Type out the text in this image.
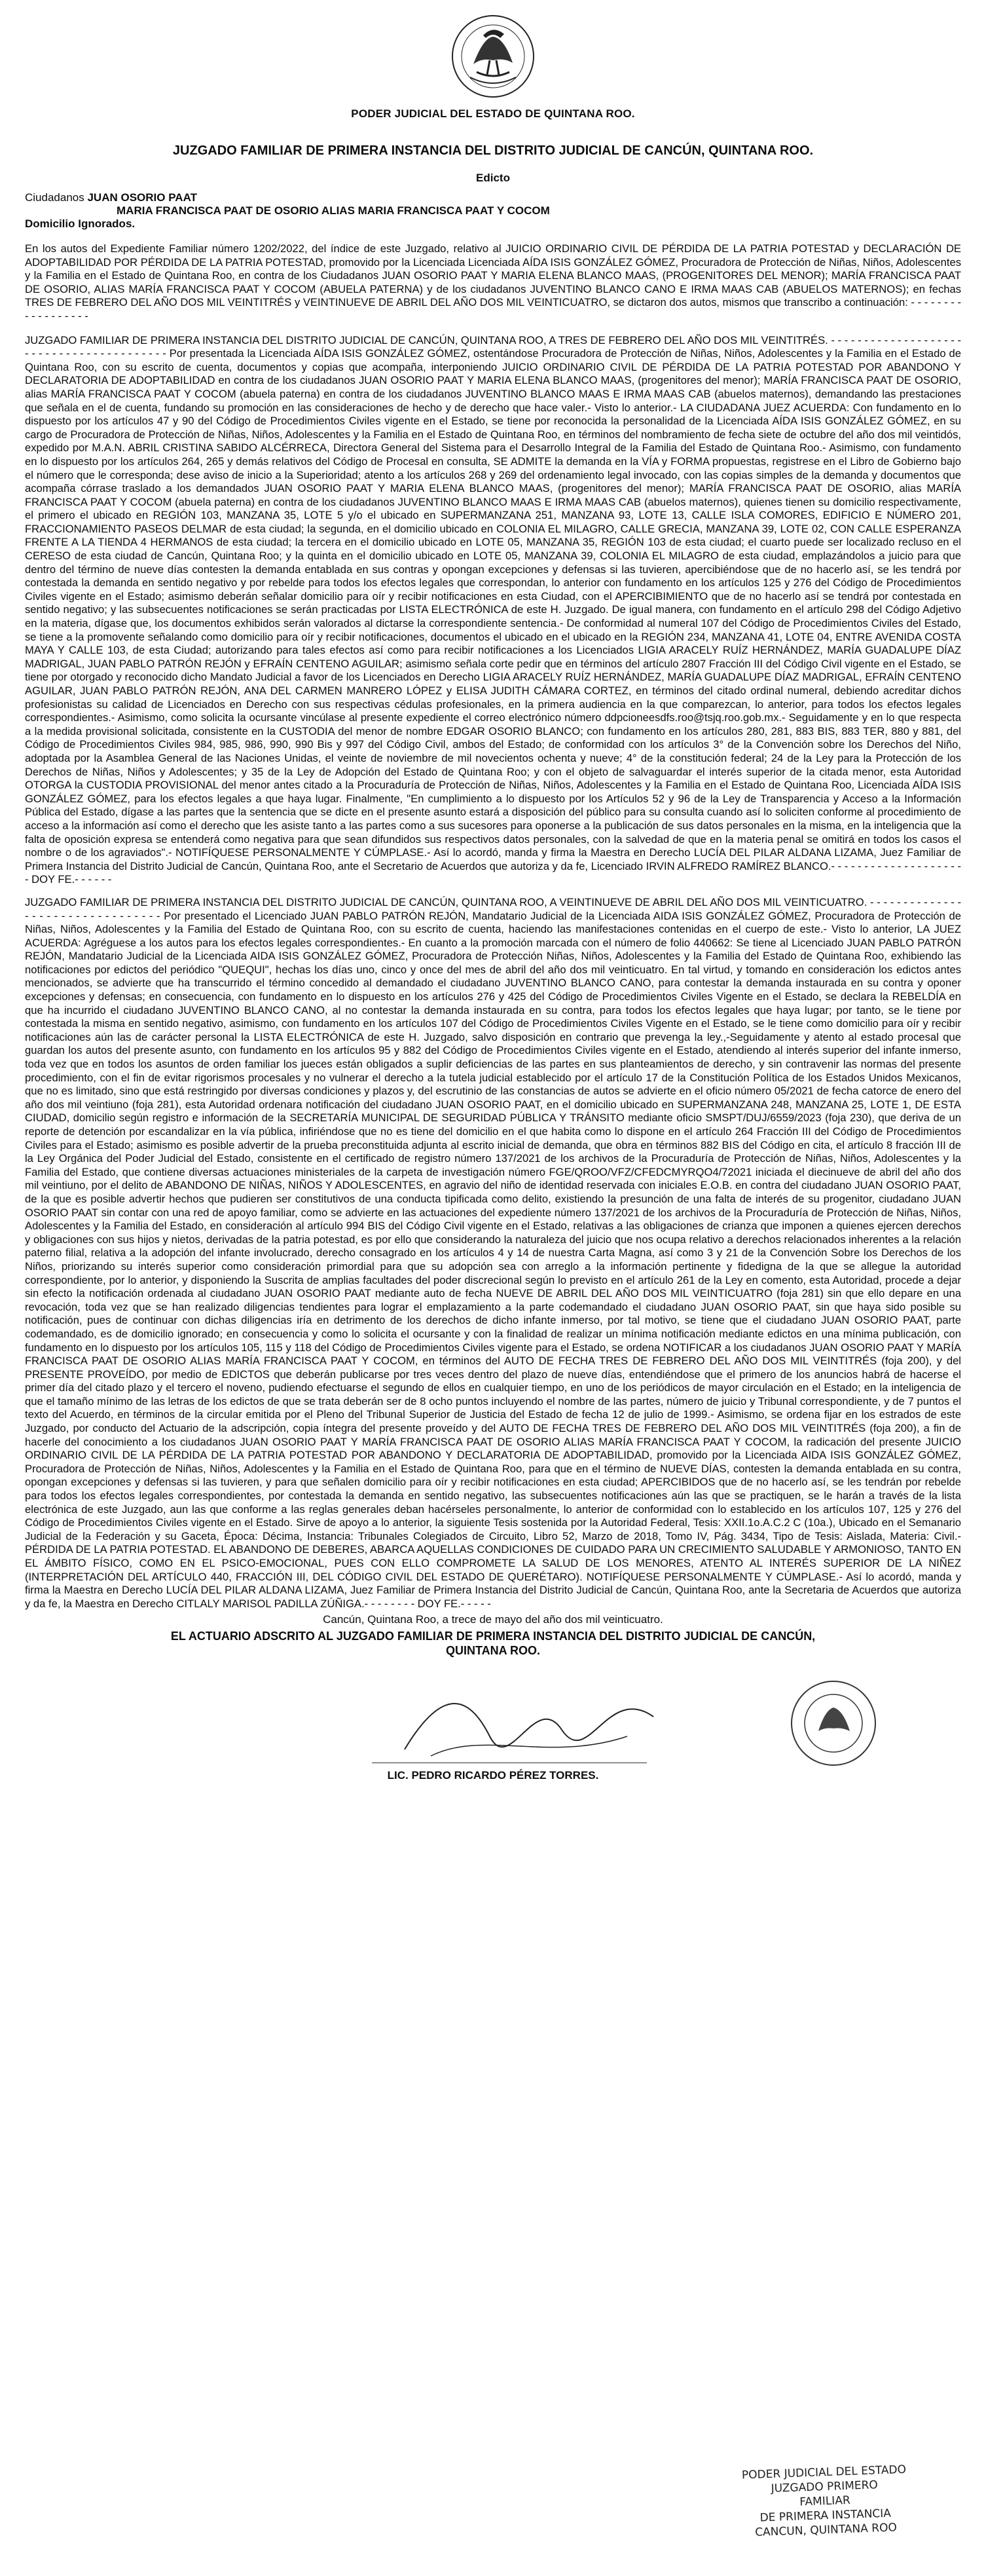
PODER JUDICIAL DEL ESTADO DE QUINTANA ROO.
JUZGADO FAMILIAR DE PRIMERA INSTANCIA DEL DISTRITO JUDICIAL DE CANCÚN, QUINTANA ROO.
Edicto
Ciudadanos JUAN OSORIO PAAT
MARIA FRANCISCA PAAT DE OSORIO ALIAS MARIA FRANCISCA PAAT Y COCOM
Domicilio Ignorados.

En los autos del Expediente Familiar número 1202/2022, del índice de este Juzgado, relativo al JUICIO ORDINARIO CIVIL DE PÉRDIDA DE LA PATRIA POTESTAD y DECLARACIÓN DE ADOPTABILIDAD POR PÉRDIDA DE LA PATRIA POTESTAD, promovido por la Licenciada Licenciada AÍDA ISIS GONZÁLEZ GÓMEZ, Procuradora de Protección de Niñas, Niños, Adolescentes y la Familia en el Estado de Quintana Roo, en contra de los Ciudadanos JUAN OSORIO PAAT Y MARIA ELENA BLANCO MAAS, (PROGENITORES DEL MENOR); MARÍA FRANCISCA PAAT DE OSORIO, ALIAS MARÍA FRANCISCA PAAT Y COCOM (ABUELA PATERNA) y de los ciudadanos JUVENTINO BLANCO CANO E IRMA MAAS CAB (ABUELOS MATERNOS); en fechas TRES DE FEBRERO DEL AÑO DOS MIL VEINTITRÉS y VEINTINUEVE DE ABRIL DEL AÑO DOS MIL VEINTICUATRO, se dictaron dos autos, mismos que transcribo a continuación: - - - - - - - - - - - - - - - - - -

JUZGADO FAMILIAR DE PRIMERA INSTANCIA DEL DISTRITO JUDICIAL DE CANCÚN, QUINTANA ROO, A TRES DE FEBRERO DEL AÑO DOS MIL VEINTITRÉS. - - - - - - - - - - - - - - - - - - - - - - - - - - - - - - - - - - - - - - - - - Por presentada la Licenciada AÍDA ISIS GONZÁLEZ GÓMEZ, ostentándose Procuradora de Protección de Niñas, Niños, Adolescentes y la Familia en el Estado de Quintana Roo, con su escrito de cuenta, documentos y copias que acompaña, interponiendo JUICIO ORDINARIO CIVIL DE PÉRDIDA DE LA PATRIA POTESTAD POR ABANDONO Y DECLARATORIA DE ADOPTABILIDAD en contra de los ciudadanos JUAN OSORIO PAAT Y MARIA ELENA BLANCO MAAS, (progenitores del menor); MARÍA FRANCISCA PAAT DE OSORIO, alias MARÍA FRANCISCA PAAT Y COCOM (abuela paterna) en contra de los ciudadanos JUVENTINO BLANCO MAAS E IRMA MAAS CAB (abuelos maternos), demandando las prestaciones que señala en el de cuenta, fundando su promoción en las consideraciones de hecho y de derecho que hace valer.- Visto lo anterior.- LA CIUDADANA JUEZ ACUERDA: Con fundamento en lo dispuesto por los artículos 47 y 90 del Código de Procedimientos Civiles vigente en el Estado, se tiene por reconocida la personalidad de la Licenciada AÍDA ISIS GONZÁLEZ GÓMEZ, en su cargo de Procuradora de Protección de Niñas, Niños, Adolescentes y la Familia en el Estado de Quintana Roo, en términos del nombramiento de fecha siete de octubre del año dos mil veintidós, expedido por M.A.N. ABRIL CRISTINA SABIDO ALCÉRRECA, Directora General del Sistema para el Desarrollo Integral de la Familia del Estado de Quintana Roo.- Asimismo, con fundamento en lo dispuesto por los artículos 264, 265 y demás relativos del Código de Procesal en consulta, SE ADMITE la demanda en la VÍA y FORMA propuestas, registrese en el Libro de Gobierno bajo el número que le corresponda; dese aviso de inicio a la Superioridad; atento a los artículos 268 y 269 del ordenamiento legal invocado, con las copias simples de la demanda y documentos que acompaña córrase traslado a los demandados JUAN OSORIO PAAT Y MARIA ELENA BLANCO MAAS, (progenitores del menor); MARÍA FRANCISCA PAAT DE OSORIO, alias MARÍA FRANCISCA PAAT Y COCOM (abuela paterna) en contra de los ciudadanos JUVENTINO BLANCO MAAS E IRMA MAAS CAB (abuelos maternos), quienes tienen su domicilio respectivamente, el primero el ubicado en REGIÓN 103, MANZANA 35, LOTE 5 y/o el ubicado en SUPERMANZANA 251, MANZANA 93, LOTE 13, CALLE ISLA COMORES, EDIFICIO E NÚMERO 201, FRACCIONAMIENTO PASEOS DELMAR de esta ciudad; la segunda, en el domicilio ubicado en COLONIA EL MILAGRO, CALLE GRECIA, MANZANA 39, LOTE 02, CON CALLE ESPERANZA FRENTE A LA TIENDA 4 HERMANOS de esta ciudad; la tercera en el domicilio ubicado en LOTE 05, MANZANA 35, REGIÓN 103 de esta ciudad; el cuarto puede ser localizado recluso en el CERESO de esta ciudad de Cancún, Quintana Roo; y la quinta en el domicilio ubicado en LOTE 05, MANZANA 39, COLONIA EL MILAGRO de esta ciudad, emplazándolos a juicio para que dentro del término de nueve días contesten la demanda entablada en sus contras y opongan excepciones y defensas si las tuvieren, apercibiéndose que de no hacerlo así, se les tendrá por contestada la demanda en sentido negativo y por rebelde para todos los efectos legales que correspondan, lo anterior con fundamento en los artículos 125 y 276 del Código de Procedimientos Civiles vigente en el Estado; asimismo deberán señalar domicilio para oír y recibir notificaciones en esta Ciudad, con el APERCIBIMIENTO que de no hacerlo así se tendrá por contestada en sentido negativo; y las subsecuentes notificaciones se serán practicadas por LISTA ELECTRÓNICA de este H. Juzgado. De igual manera, con fundamento en el artículo 298 del Código Adjetivo en la materia, dígase que, los documentos exhibidos serán valorados al dictarse la correspondiente sentencia.- De conformidad al numeral 107 del Código de Procedimientos Civiles del Estado, se tiene a la promovente señalando como domicilio para oír y recibir notificaciones, documentos el ubicado en el ubicado en la REGIÓN 234, MANZANA 41, LOTE 04, ENTRE AVENIDA COSTA MAYA Y CALLE 103, de esta Ciudad; autorizando para tales efectos así como para recibir notificaciones a los Licenciados LIGIA ARACELY RUÍZ HERNÁNDEZ, MARÍA GUADALUPE DÍAZ MADRIGAL, JUAN PABLO PATRÓN REJÓN y EFRAÍN CENTENO AGUILAR; asimismo señala corte pedir que en términos del artículo 2807 Fracción III del Código Civil vigente en el Estado, se tiene por otorgado y reconocido dicho Mandato Judicial a favor de los Licenciados en Derecho LIGIA ARACELY RUÍZ HERNÁNDEZ, MARÍA GUADALUPE DÍAZ MADRIGAL, EFRAÍN CENTENO AGUILAR, JUAN PABLO PATRÓN REJÓN, ANA DEL CARMEN MANRERO LÓPEZ y ELISA JUDITH CÁMARA CORTEZ, en términos del citado ordinal numeral, debiendo acreditar dichos profesionistas su calidad de Licenciados en Derecho con sus respectivas cédulas profesionales, en la primera audiencia en la que comparezcan, lo anterior, para todos los efectos legales correspondientes.- Asimismo, como solicita la ocursante vincúlase al presente expediente el correo electrónico número ddpcioneesdfs.roo@tsjq.roo.gob.mx.- Seguidamente y en lo que respecta a la medida provisional solicitada, consistente en la CUSTODIA del menor de nombre EDGAR OSORIO BLANCO; con fundamento en los artículos 280, 281, 883 BIS, 883 TER, 880 y 881, del Código de Procedimientos Civiles 984, 985, 986, 990, 990 Bis y 997 del Código Civil, ambos del Estado; de conformidad con los artículos 3° de la Convención sobre los Derechos del Niño, adoptada por la Asamblea General de las Naciones Unidas, el veinte de noviembre de mil novecientos ochenta y nueve; 4° de la constitución federal; 24 de la Ley para la Protección de los Derechos de Niñas, Niños y Adolescentes; y 35 de la Ley de Adopción del Estado de Quintana Roo; y con el objeto de salvaguardar el interés superior de la citada menor, esta Autoridad OTORGA la CUSTODIA PROVISIONAL del menor antes citado a la Procuraduría de Protección de Niñas, Niños, Adolescentes y la Familia en el Estado de Quintana Roo, Licenciada AÍDA ISIS GONZÁLEZ GÓMEZ, para los efectos legales a que haya lugar. Finalmente, "En cumplimiento a lo dispuesto por los Artículos 52 y 96 de la Ley de Transparencia y Acceso a la Información Pública del Estado, dígase a las partes que la sentencia que se dicte en el presente asunto estará a disposición del público para su consulta cuando así lo soliciten conforme al procedimiento de acceso a la información así como el derecho que les asiste tanto a las partes como a sus sucesores para oponerse a la publicación de sus datos personales en la misma, en la inteligencia que la falta de oposición expresa se entenderá como negativa para que sean difundidos sus respectivos datos personales, con la salvedad de que en la materia penal se omitirá en todos los casos el nombre o de los agraviados".- NOTIFÍQUESE PERSONALMENTE Y CÚMPLASE.- Así lo acordó, manda y firma la Maestra en Derecho LUCÍA DEL PILAR ALDANA LIZAMA, Juez Familiar de Primera Instancia del Distrito Judicial de Cancún, Quintana Roo, ante el Secretario de Acuerdos que autoriza y da fe, Licenciado IRVIN ALFREDO RAMÍREZ BLANCO.- - - - - - - - - - - - - - - - - - - - - DOY FE.- - - - - -

JUZGADO FAMILIAR DE PRIMERA INSTANCIA DEL DISTRITO JUDICIAL DE CANCÚN, QUINTANA ROO, A VEINTINUEVE DE ABRIL DEL AÑO DOS MIL VEINTICUATRO. - - - - - - - - - - - - - - - - - - - - - - - - - - - - - - - - - Por presentado el Licenciado JUAN PABLO PATRÓN REJÓN, Mandatario Judicial de la Licenciada AIDA ISIS GONZÁLEZ GÓMEZ, Procuradora de Protección de Niñas, Niños, Adolescentes y la Familia del Estado de Quintana Roo, con su escrito de cuenta, haciendo las manifestaciones contenidas en el cuerpo de este.- Visto lo anterior, LA JUEZ ACUERDA: Agréguese a los autos para los efectos legales correspondientes.- En cuanto a la promoción marcada con el número de folio 440662: Se tiene al Licenciado JUAN PABLO PATRÓN REJÓN, Mandatario Judicial de la Licenciada AIDA ISIS GONZÁLEZ GÓMEZ, Procuradora de Protección Niñas, Niños, Adolescentes y la Familia del Estado de Quintana Roo, exhibiendo las notificaciones por edictos del periódico "QUEQUI", hechas los días uno, cinco y once del mes de abril del año dos mil veinticuatro. En tal virtud, y tomando en consideración los edictos antes mencionados, se advierte que ha transcurrido el término concedido al demandado el ciudadano JUVENTINO BLANCO CANO, para contestar la demanda instaurada en su contra y oponer excepciones y defensas; en consecuencia, con fundamento en lo dispuesto en los artículos 276 y 425 del Código de Procedimientos Civiles Vigente en el Estado, se declara la REBELDÍA en que ha incurrido el ciudadano JUVENTINO BLANCO CANO, al no contestar la demanda instaurada en su contra, para todos los efectos legales que haya lugar; por tanto, se le tiene por contestada la misma en sentido negativo, asimismo, con fundamento en los artículos 107 del Código de Procedimientos Civiles Vigente en el Estado, se le tiene como domicilio para oír y recibir notificaciones aún las de carácter personal la LISTA ELECTRÓNICA de este H. Juzgado, salvo disposición en contrario que prevenga la ley.,-Seguidamente y atento al estado procesal que guardan los autos del presente asunto, con fundamento en los artículos 95 y 882 del Código de Procedimientos Civiles vigente en el Estado, atendiendo al interés superior del infante inmerso, toda vez que en todos los asuntos de orden familiar los jueces están obligados a suplir deficiencias de las partes en sus planteamientos de derecho, y sin contravenir las normas del presente procedimiento, con el fin de evitar rigorismos procesales y no vulnerar el derecho a la tutela judicial establecido por el artículo 17 de la Constitución Política de los Estados Unidos Mexicanos, que no es limitado, sino que está restringido por diversas condiciones y plazos y, del escrutinio de las constancias de autos se advierte en el oficio número 05/2021 de fecha catorce de enero del año dos mil veintiuno (foja 281), esta Autoridad ordenara notificación del ciudadano JUAN OSORIO PAAT, en el domicilio ubicado en SUPERMANZANA 248, MANZANA 25, LOTE 1, DE ESTA CIUDAD, domicilio según registro e información de la SECRETARÍA MUNICIPAL DE SEGURIDAD PÚBLICA Y TRÁNSITO mediante oficio SMSPT/DUJ/6559/2023 (foja 230), que deriva de un reporte de detención por escandalizar en la vía pública, infiriéndose que no es tiene del domicilio en el que habita como lo dispone en el artículo 264 Fracción III del Código de Procedimientos Civiles para el Estado; asimismo es posible advertir de la prueba preconstituida adjunta al escrito inicial de demanda, que obra en términos 882 BIS del Código en cita, el artículo 8 fracción III de la Ley Orgánica del Poder Judicial del Estado, consistente en el certificado de registro número 137/2021 de los archivos de la Procuraduría de Protección de Niñas, Niños, Adolescentes y la Familia del Estado, que contiene diversas actuaciones ministeriales de la carpeta de investigación número FGE/QROO/VFZ/CFEDCMYRQO4/72021 iniciada el diecinueve de abril del año dos mil veintiuno, por el delito de ABANDONO DE NIÑAS, NIÑOS Y ADOLESCENTES, en agravio del niño de identidad reservada con iniciales E.O.B. en contra del ciudadano JUAN OSORIO PAAT, de la que es posible advertir hechos que pudieren ser constitutivos de una conducta tipificada como delito, existiendo la presunción de una falta de interés de su progenitor, ciudadano JUAN OSORIO PAAT sin contar con una red de apoyo familiar, como se advierte en las actuaciones del expediente número 137/2021 de los archivos de la Procuraduría de Protección de Niñas, Niños, Adolescentes y la Familia del Estado, en consideración al artículo 994 BIS del Código Civil vigente en el Estado, relativas a las obligaciones de crianza que imponen a quienes ejercen derechos y obligaciones con sus hijos y nietos, derivadas de la patria potestad, es por ello que considerando la naturaleza del juicio que nos ocupa relativo a derechos relacionados inherentes a la relación paterno filial, relativa a la adopción del infante involucrado, derecho consagrado en los artículos 4 y 14 de nuestra Carta Magna, así como 3 y 21 de la Convención Sobre los Derechos de los Niños, priorizando su interés superior como consideración primordial para que su adopción sea con arreglo a la información pertinente y fidedigna de la que se allegue la autoridad correspondiente, por lo anterior, y disponiendo la Suscrita de amplias facultades del poder discrecional según lo previsto en el artículo 261 de la Ley en comento, esta Autoridad, procede a dejar sin efecto la notificación ordenada al ciudadano JUAN OSORIO PAAT mediante auto de fecha NUEVE DE ABRIL DEL AÑO DOS MIL VEINTICUATRO (foja 281) sin que ello depare en una revocación, toda vez que se han realizado diligencias tendientes para lograr el emplazamiento a la parte codemandado el ciudadano JUAN OSORIO PAAT, sin que haya sido posible su notificación, pues de continuar con dichas diligencias iría en detrimento de los derechos de dicho infante inmerso, por tal motivo, se tiene que el ciudadano JUAN OSORIO PAAT, parte codemandado, es de domicilio ignorado; en consecuencia y como lo solicita el ocursante y con la finalidad de realizar un mínima notificación mediante edictos en una mínima publicación, con fundamento en lo dispuesto por los artículos 105, 115 y 118 del Código de Procedimientos Civiles vigente para el Estado, se ordena NOTIFICAR a los ciudadanos JUAN OSORIO PAAT Y MARÍA FRANCISCA PAAT DE OSORIO ALIAS MARÍA FRANCISCA PAAT Y COCOM, en términos del AUTO DE FECHA TRES DE FEBRERO DEL AÑO DOS MIL VEINTITRÉS (foja 200), y del PRESENTE PROVEÍDO, por medio de EDICTOS que deberán publicarse por tres veces dentro del plazo de nueve días, entendiéndose que el primero de los anuncios habrá de hacerse el primer día del citado plazo y el tercero el noveno, pudiendo efectuarse el segundo de ellos en cualquier tiempo, en uno de los periódicos de mayor circulación en el Estado; en la inteligencia de que el tamaño mínimo de las letras de los edictos de que se trata deberán ser de 8 ocho puntos incluyendo el nombre de las partes, número de juicio y Tribunal correspondiente, y de 7 puntos el texto del Acuerdo, en términos de la circular emitida por el Pleno del Tribunal Superior de Justicia del Estado de fecha 12 de julio de 1999.- Asimismo, se ordena fijar en los estrados de este Juzgado, por conducto del Actuario de la adscripción, copia íntegra del presente proveído y del AUTO DE FECHA TRES DE FEBRERO DEL AÑO DOS MIL VEINTITRÉS (foja 200), a fin de hacerle del conocimiento a los ciudadanos JUAN OSORIO PAAT Y MARÍA FRANCISCA PAAT DE OSORIO ALIAS MARÍA FRANCISCA PAAT Y COCOM, la radicación del presente JUICIO ORDINARIO CIVIL DE LA PÉRDIDA DE LA PATRIA POTESTAD POR ABANDONO Y DECLARATORIA DE ADOPTABILIDAD, promovido por la Licenciada AIDA ISIS GONZÁLEZ GÓMEZ, Procuradora de Protección de Niñas, Niños, Adolescentes y la Familia en el Estado de Quintana Roo, para que en el término de NUEVE DÍAS, contesten la demanda entablada en su contra, opongan excepciones y defensas si las tuvieren, y para que señalen domicilio para oír y recibir notificaciones en esta ciudad; APERCIBIDOS que de no hacerlo así, se les tendrán por rebelde para todos los efectos legales correspondientes, por contestada la demanda en sentido negativo, las subsecuentes notificaciones aún las que se practiquen, se le harán a través de la lista electrónica de este Juzgado, aun las que conforme a las reglas generales deban hacérseles personalmente, lo anterior de conformidad con lo establecido en los artículos 107, 125 y 276 del Código de Procedimientos Civiles vigente en el Estado. Sirve de apoyo a lo anterior, la siguiente Tesis sostenida por la Autoridad Federal, Tesis: XXII.1o.A.C.2 C (10a.), Ubicado en el Semanario Judicial de la Federación y su Gaceta, Época: Décima, Instancia: Tribunales Colegiados de Circuito, Libro 52, Marzo de 2018, Tomo IV, Pág. 3434, Tipo de Tesis: Aislada, Materia: Civil.- PÉRDIDA DE LA PATRIA POTESTAD. EL ABANDONO DE DEBERES, ABARCA AQUELLAS CONDICIONES DE CUIDADO PARA UN CRECIMIENTO SALUDABLE Y ARMONIOSO, TANTO EN EL ÁMBITO FÍSICO, COMO EN EL PSICO-EMOCIONAL, PUES CON ELLO COMPROMETE LA SALUD DE LOS MENORES, ATENTO AL INTERÉS SUPERIOR DE LA NIÑEZ (INTERPRETACIÓN DEL ARTÍCULO 440, FRACCIÓN III, DEL CÓDIGO CIVIL DEL ESTADO DE QUERÉTARO). NOTIFÍQUESE PERSONALMENTE Y CÚMPLASE.- Así lo acordó, manda y firma la Maestra en Derecho LUCÍA DEL PILAR ALDANA LIZAMA, Juez Familiar de Primera Instancia del Distrito Judicial de Cancún, Quintana Roo, ante la Secretaria de Acuerdos que autoriza y da fe, la Maestra en Derecho CITLALY MARISOL PADILLA ZÚÑIGA.- - - - - - - - DOY FE.- - - - -

Cancún, Quintana Roo, a trece de mayo del año dos mil veinticuatro.
EL ACTUARIO ADSCRITO AL JUZGADO FAMILIAR DE PRIMERA INSTANCIA DEL DISTRITO JUDICIAL DE CANCÚN, QUINTANA ROO.
LIC. PEDRO RICARDO PÉREZ TORRES.
PODER JUDICIAL DEL ESTADO
JUZGADO PRIMERO
FAMILIAR
DE PRIMERA INSTANCIA
CANCUN, QUINTANA ROO
